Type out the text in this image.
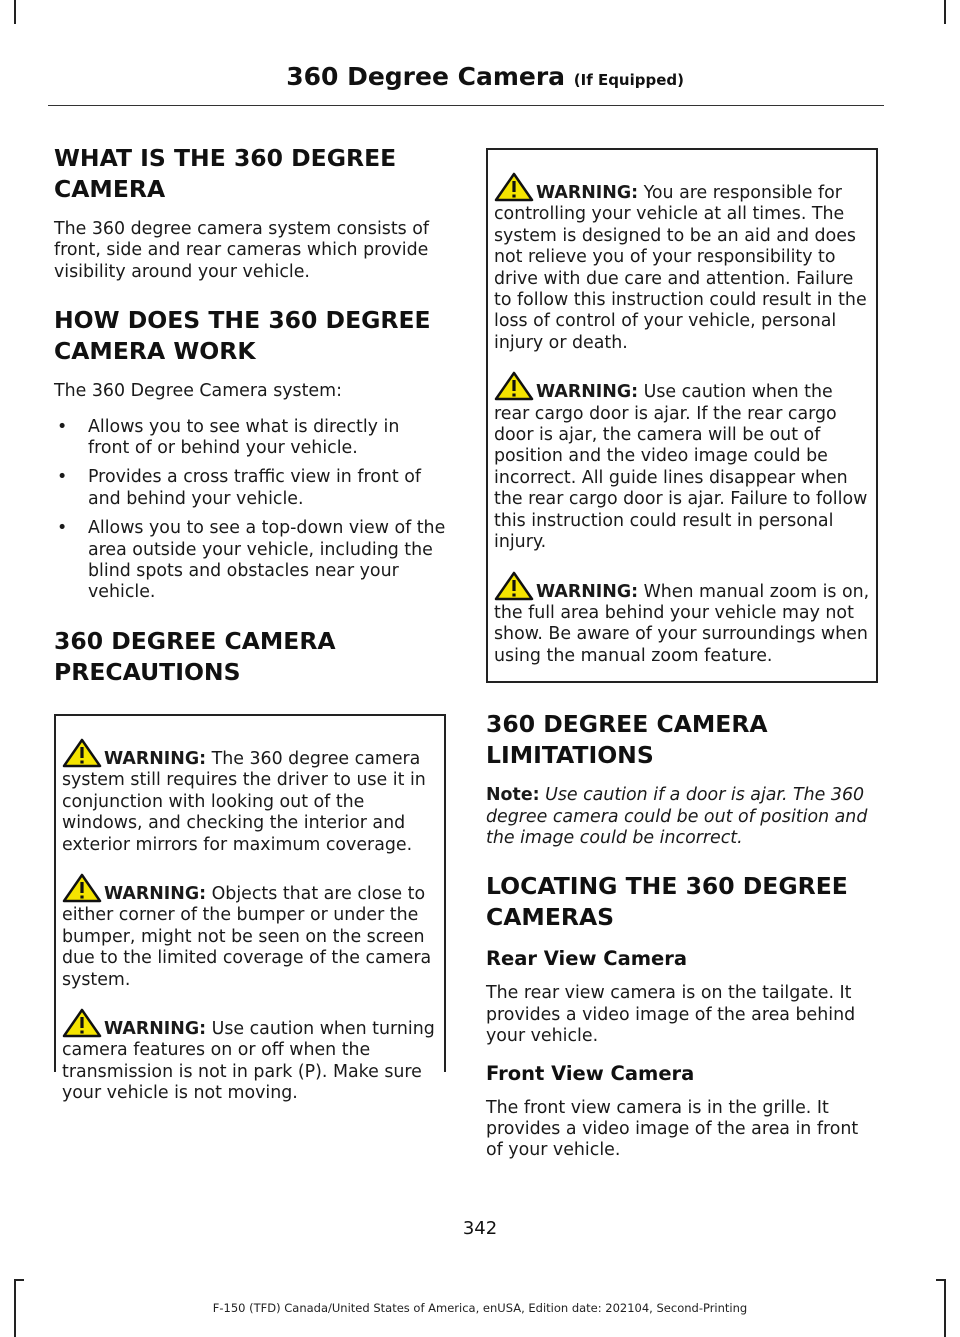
360 Degree Camera (If Equipped)
WHAT IS THE 360 DEGREE
CAMERA

The 360 degree camera system consists of front, side and rear cameras which provide visibility around your vehicle.

HOW DOES THE 360 DEGREE
CAMERA WORK

The 360 Degree Camera system:

• Allows you to see what is directly in front of or behind your vehicle.
• Provides a cross traffic view in front of and behind your vehicle.
• Allows you to see a top-down view of the area outside your vehicle, including the blind spots and obstacles near your vehicle.
360 DEGREE CAMERA
PRECAUTIONS

WARNING: The 360 degree camera system still requires the driver to use it in conjunction with looking out of the windows, and checking the interior and exterior mirrors for maximum coverage.

WARNING: Objects that are close to either corner of the bumper or under the bumper, might not be seen on the screen due to the limited coverage of the camera system.

WARNING: Use caution when turning camera features on or off when the transmission is not in park (P). Make sure your vehicle is not moving.

WARNING: You are responsible for controlling your vehicle at all times. The system is designed to be an aid and does not relieve you of your responsibility to drive with due care and attention. Failure to follow this instruction could result in the loss of control of your vehicle, personal injury or death.

WARNING: Use caution when the rear cargo door is ajar. If the rear cargo door is ajar, the camera will be out of position and the video image could be incorrect. All guide lines disappear when the rear cargo door is ajar. Failure to follow this instruction could result in personal injury.

WARNING: When manual zoom is on, the full area behind your vehicle may not show. Be aware of your surroundings when using the manual zoom feature.

360 DEGREE CAMERA
LIMITATIONS

Note: Use caution if a door is ajar. The 360 degree camera could be out of position and the image could be incorrect.

LOCATING THE 360 DEGREE
CAMERAS
Rear View Camera

The rear view camera is on the tailgate. It provides a video image of the area behind your vehicle.

Front View Camera

The front view camera is in the grille. It provides a video image of the area in front of your vehicle.

342
F-150 (TFD) Canada/United States of America, enUSA, Edition date: 202104, Second-Printing
